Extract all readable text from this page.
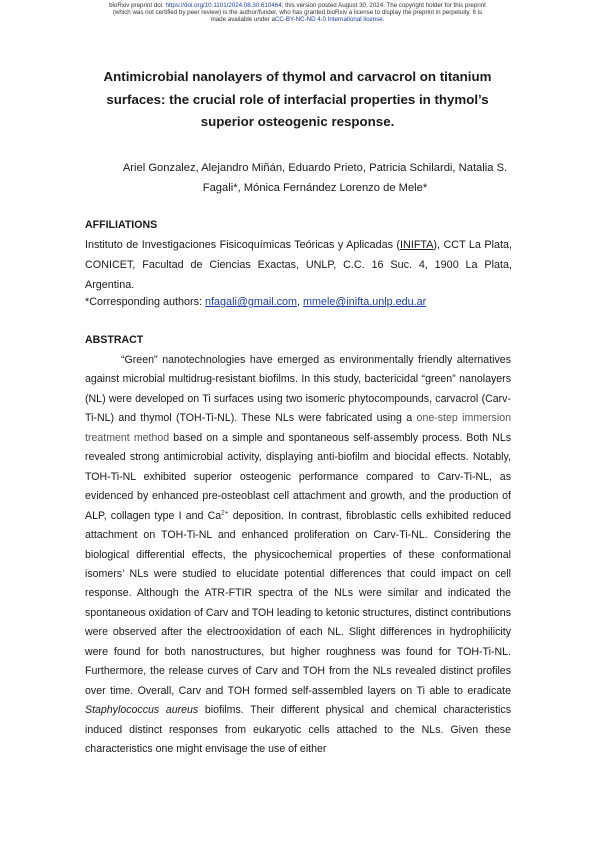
bioRxiv preprint doi: https://doi.org/10.1101/2024.08.30.610464; this version posted August 30, 2024. The copyright holder for this preprint
(which was not certified by peer review) is the author/funder, who has granted bioRxiv a license to display the preprint in perpetuity. It is
made available under aCC-BY-NC-ND 4.0 International license.
Antimicrobial nanolayers of thymol and carvacrol on titanium surfaces: the crucial role of interfacial properties in thymol’s superior osteogenic response.
Ariel Gonzalez, Alejandro Miñán, Eduardo Prieto, Patricia Schilardi, Natalia S. Fagali*, Mónica Fernández Lorenzo de Mele*
AFFILIATIONS
Instituto de Investigaciones Fisicoquímicas Teóricas y Aplicadas (INIFTA), CCT La Plata, CONICET, Facultad de Ciencias Exactas, UNLP, C.C. 16 Suc. 4, 1900 La Plata, Argentina.
*Corresponding authors: nfagali@gmail.com, mmele@inifta.unlp.edu.ar
ABSTRACT
“Green" nanotechnologies have emerged as environmentally friendly alternatives against microbial multidrug-resistant biofilms. In this study, bactericidal “green” nanolayers (NL) were developed on Ti surfaces using two isomeric phytocompounds, carvacrol (Carv-Ti-NL) and thymol (TOH-Ti-NL). These NLs were fabricated using a one-step immersion treatment method based on a simple and spontaneous self-assembly process. Both NLs revealed strong antimicrobial activity, displaying anti-biofilm and biocidal effects. Notably, TOH-Ti-NL exhibited superior osteogenic performance compared to Carv-Ti-NL, as evidenced by enhanced pre-osteoblast cell attachment and growth, and the production of ALP, collagen type I and $Ca^{2+}$ deposition. In contrast, fibroblastic cells exhibited reduced attachment on TOH-Ti-NL and enhanced proliferation on Carv-Ti-NL. Considering the biological differential effects, the physicochemical properties of these conformational isomers’ NLs were studied to elucidate potential differences that could impact on cell response. Although the ATR-FTIR spectra of the NLs were similar and indicated the spontaneous oxidation of Carv and TOH leading to ketonic structures, distinct contributions were observed after the electrooxidation of each NL. Slight differences in hydrophilicity were found for both nanostructures, but higher roughness was found for TOH-Ti-NL. Furthermore, the release curves of Carv and TOH from the NLs revealed distinct profiles over time. Overall, Carv and TOH formed self-assembled layers on Ti able to eradicate Staphylococcus aureus biofilms. Their different physical and chemical characteristics induced distinct responses from eukaryotic cells attached to the NLs. Given these characteristics one might envisage the use of either
